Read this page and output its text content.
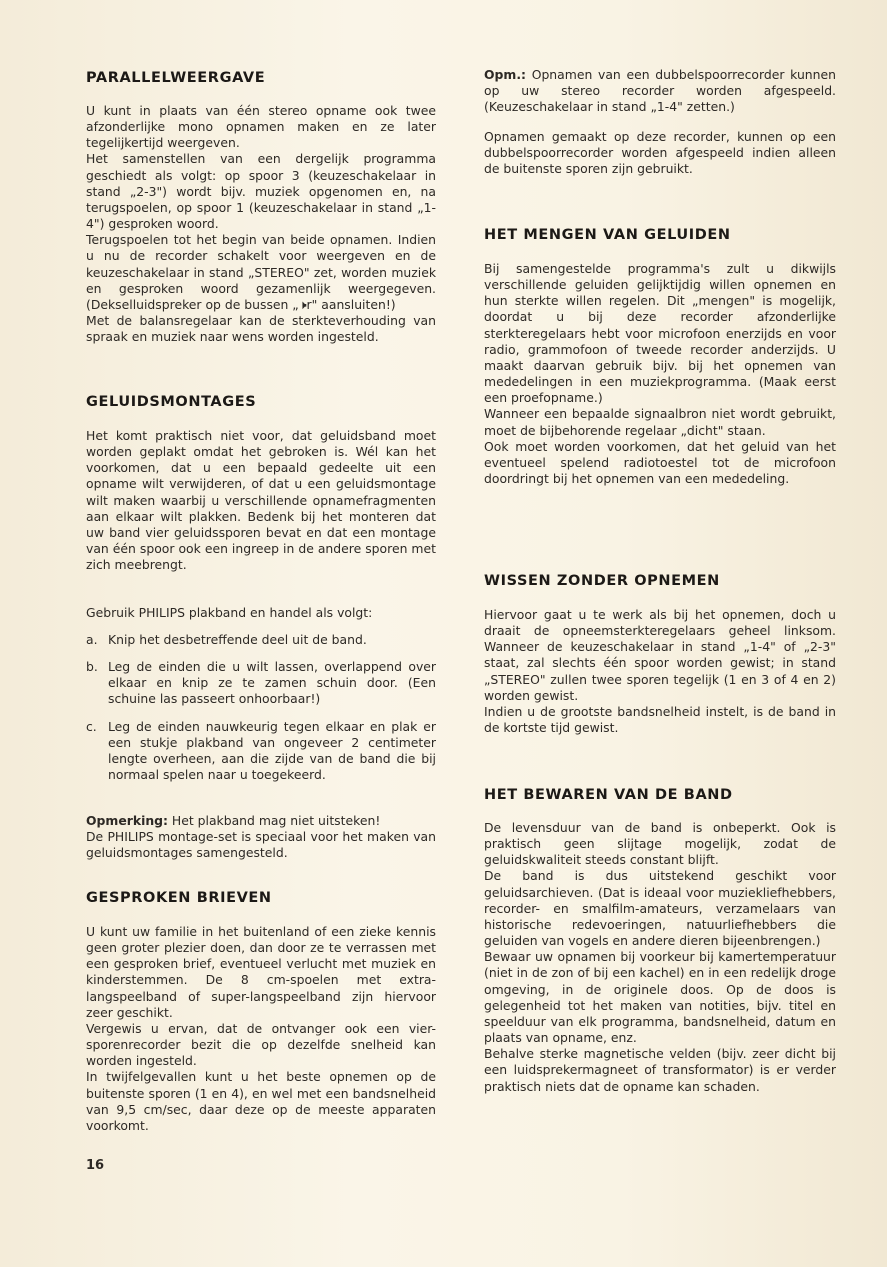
PARALLELWEERGAVE

U kunt in plaats van één stereo opname ook twee afzonderlijke mono opnamen maken en ze later tegelijkertijd weergeven.

Het samenstellen van een dergelijk programma geschiedt als volgt: op spoor 3 (keuzeschakelaar in stand „2-3") wordt bijv. muziek opgenomen en, na terugspoelen, op spoor 1 (keuzeschakelaar in stand „1-4") gesproken woord.

Terugspoelen tot het begin van beide opnamen. Indien u nu de recorder schakelt voor weergeven en de keuzeschakelaar in stand „STEREO" zet, worden muziek en gesproken woord gezamenlijk weergegeven. (Dekselluidspreker op de bussen „🕨r" aansluiten!)

Met de balansregelaar kan de sterkteverhouding van spraak en muziek naar wens worden ingesteld.

GELUIDSMONTAGES

Het komt praktisch niet voor, dat geluidsband moet worden geplakt omdat het gebroken is. Wél kan het voorkomen, dat u een bepaald gedeelte uit een opname wilt verwijderen, of dat u een geluidsmontage wilt maken waarbij u verschillende opnamefragmenten aan elkaar wilt plakken. Bedenk bij het monteren dat uw band vier geluidssporen bevat en dat een montage van één spoor ook een ingreep in de andere sporen met zich meebrengt.

Gebruik PHILIPS plakband en handel als volgt:

a. Knip het desbetreffende deel uit de band.
b. Leg de einden die u wilt lassen, overlappend over elkaar en knip ze te zamen schuin door. (Een schuine las passeert onhoorbaar!)
c. Leg de einden nauwkeurig tegen elkaar en plak er een stukje plakband van ongeveer 2 centimeter lengte overheen, aan die zijde van de band die bij normaal spelen naar u toegekeerd.

Opmerking: Het plakband mag niet uitsteken!

De PHILIPS montage-set is speciaal voor het maken van geluidsmontages samengesteld.

GESPROKEN BRIEVEN

U kunt uw familie in het buitenland of een zieke kennis geen groter plezier doen, dan door ze te verrassen met een gesproken brief, eventueel verlucht met muziek en kinderstemmen. De 8 cm-spoelen met extra-langspeelband of super-langspeelband zijn hiervoor zeer geschikt.

Vergewis u ervan, dat de ontvanger ook een vier-sporenrecorder bezit die op dezelfde snelheid kan worden ingesteld.

In twijfelgevallen kunt u het beste opnemen op de buitenste sporen (1 en 4), en wel met een bandsnelheid van 9,5 cm/sec, daar deze op de meeste apparaten voorkomt.

16

Opm.: Opnamen van een dubbelspoorrecorder kunnen op uw stereo recorder worden afgespeeld. (Keuzeschakelaar in stand „1-4" zetten.)

Opnamen gemaakt op deze recorder, kunnen op een dubbelspoorrecorder worden afgespeeld indien alleen de buitenste sporen zijn gebruikt.

HET MENGEN VAN GELUIDEN

Bij samengestelde programma's zult u dikwijls verschillende geluiden gelijktijdig willen opnemen en hun sterkte willen regelen. Dit „mengen" is mogelijk, doordat u bij deze recorder afzonderlijke sterkteregelaars hebt voor microfoon enerzijds en voor radio, grammofoon of tweede recorder anderzijds. U maakt daarvan gebruik bijv. bij het opnemen van mededelingen in een muziekprogramma. (Maak eerst een proefopname.)

Wanneer een bepaalde signaalbron niet wordt gebruikt, moet de bijbehorende regelaar „dicht" staan.

Ook moet worden voorkomen, dat het geluid van het eventueel spelend radiotoestel tot de microfoon doordringt bij het opnemen van een mededeling.

WISSEN ZONDER OPNEMEN

Hiervoor gaat u te werk als bij het opnemen, doch u draait de opneemsterkteregelaars geheel linksom. Wanneer de keuzeschakelaar in stand „1-4" of „2-3" staat, zal slechts één spoor worden gewist; in stand „STEREO" zullen twee sporen tegelijk (1 en 3 of 4 en 2) worden gewist.

Indien u de grootste bandsnelheid instelt, is de band in de kortste tijd gewist.

HET BEWAREN VAN DE BAND

De levensduur van de band is onbeperkt. Ook is praktisch geen slijtage mogelijk, zodat de geluidskwaliteit steeds constant blijft.

De band is dus uitstekend geschikt voor geluidsarchieven. (Dat is ideaal voor muziekliefhebbers, recorder- en smalfilm-amateurs, verzamelaars van historische redevoeringen, natuurliefhebbers die geluiden van vogels en andere dieren bijeenbrengen.)

Bewaar uw opnamen bij voorkeur bij kamertemperatuur (niet in de zon of bij een kachel) en in een redelijk droge omgeving, in de originele doos. Op de doos is gelegenheid tot het maken van notities, bijv. titel en speelduur van elk programma, bandsnelheid, datum en plaats van opname, enz.

Behalve sterke magnetische velden (bijv. zeer dicht bij een luidsprekermagneet of transformator) is er verder praktisch niets dat de opname kan schaden.
